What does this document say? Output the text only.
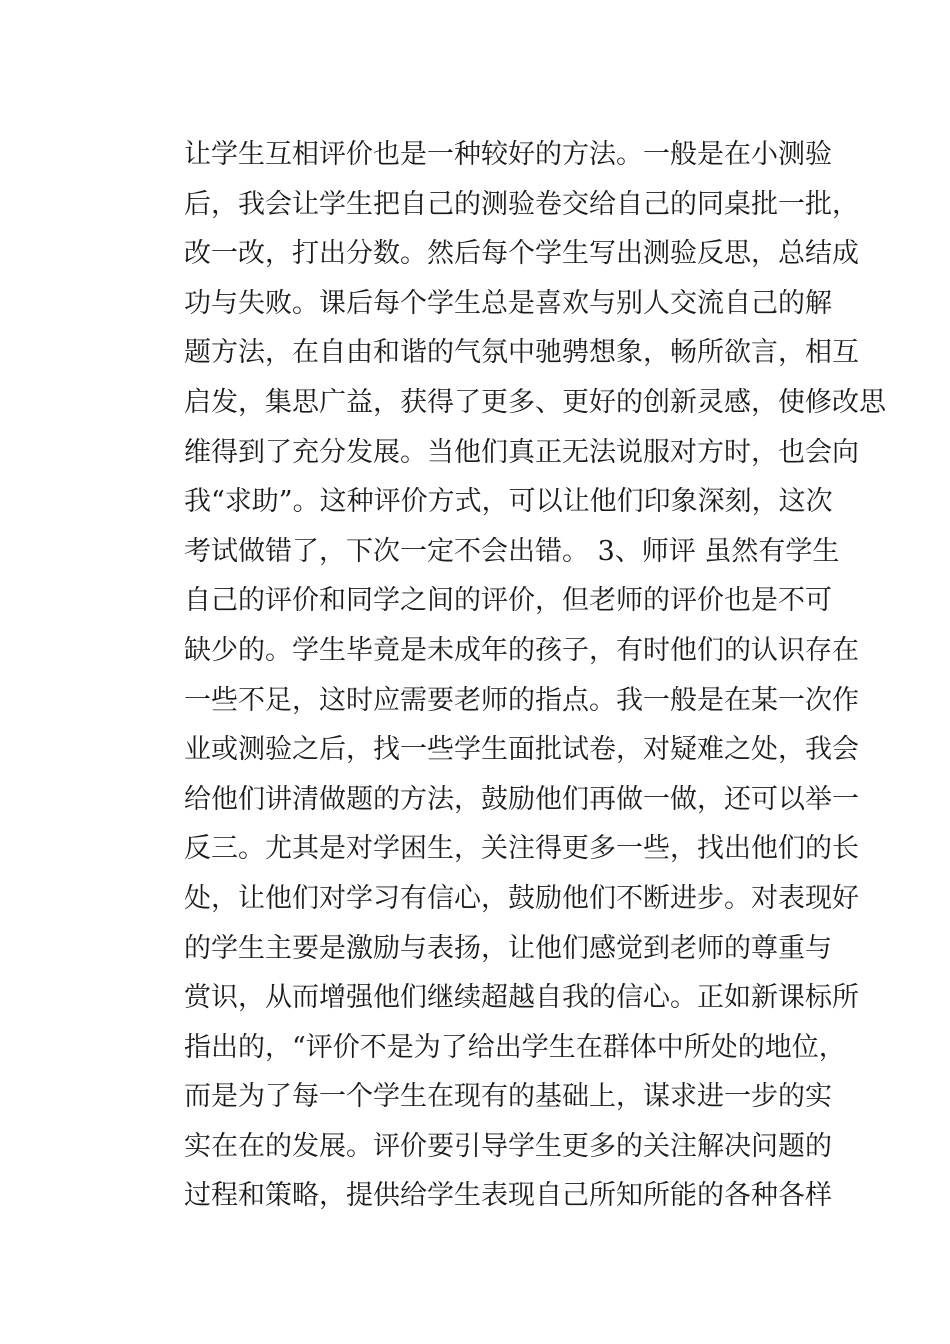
让学生互相评价也是一种较好的方法。一般是在小测验
后，我会让学生把自己的测验卷交给自己的同桌批一批，
改一改，打出分数。然后每个学生写出测验反思，总结成
功与失败。课后每个学生总是喜欢与别人交流自己的解
题方法，在自由和谐的气氛中驰骋想象，畅所欲言，相互
启发，集思广益，获得了更多、更好的创新灵感，使修改思
维得到了充分发展。当他们真正无法说服对方时，也会向
我“求助”。这种评价方式，可以让他们印象深刻，这次
考试做错了，下次一定不会出错。 3、师评 虽然有学生
自己的评价和同学之间的评价，但老师的评价也是不可
缺少的。学生毕竟是未成年的孩子，有时他们的认识存在
一些不足，这时应需要老师的指点。我一般是在某一次作
业或测验之后，找一些学生面批试卷，对疑难之处，我会
给他们讲清做题的方法，鼓励他们再做一做，还可以举一
反三。尤其是对学困生，关注得更多一些，找出他们的长
处，让他们对学习有信心，鼓励他们不断进步。对表现好
的学生主要是激励与表扬，让他们感觉到老师的尊重与
赏识，从而增强他们继续超越自我的信心。正如新课标所
指出的，“评价不是为了给出学生在群体中所处的地位，
而是为了每一个学生在现有的基础上，谋求进一步的实
实在在的发展。评价要引导学生更多的关注解决问题的
过程和策略，提供给学生表现自己所知所能的各种各样
